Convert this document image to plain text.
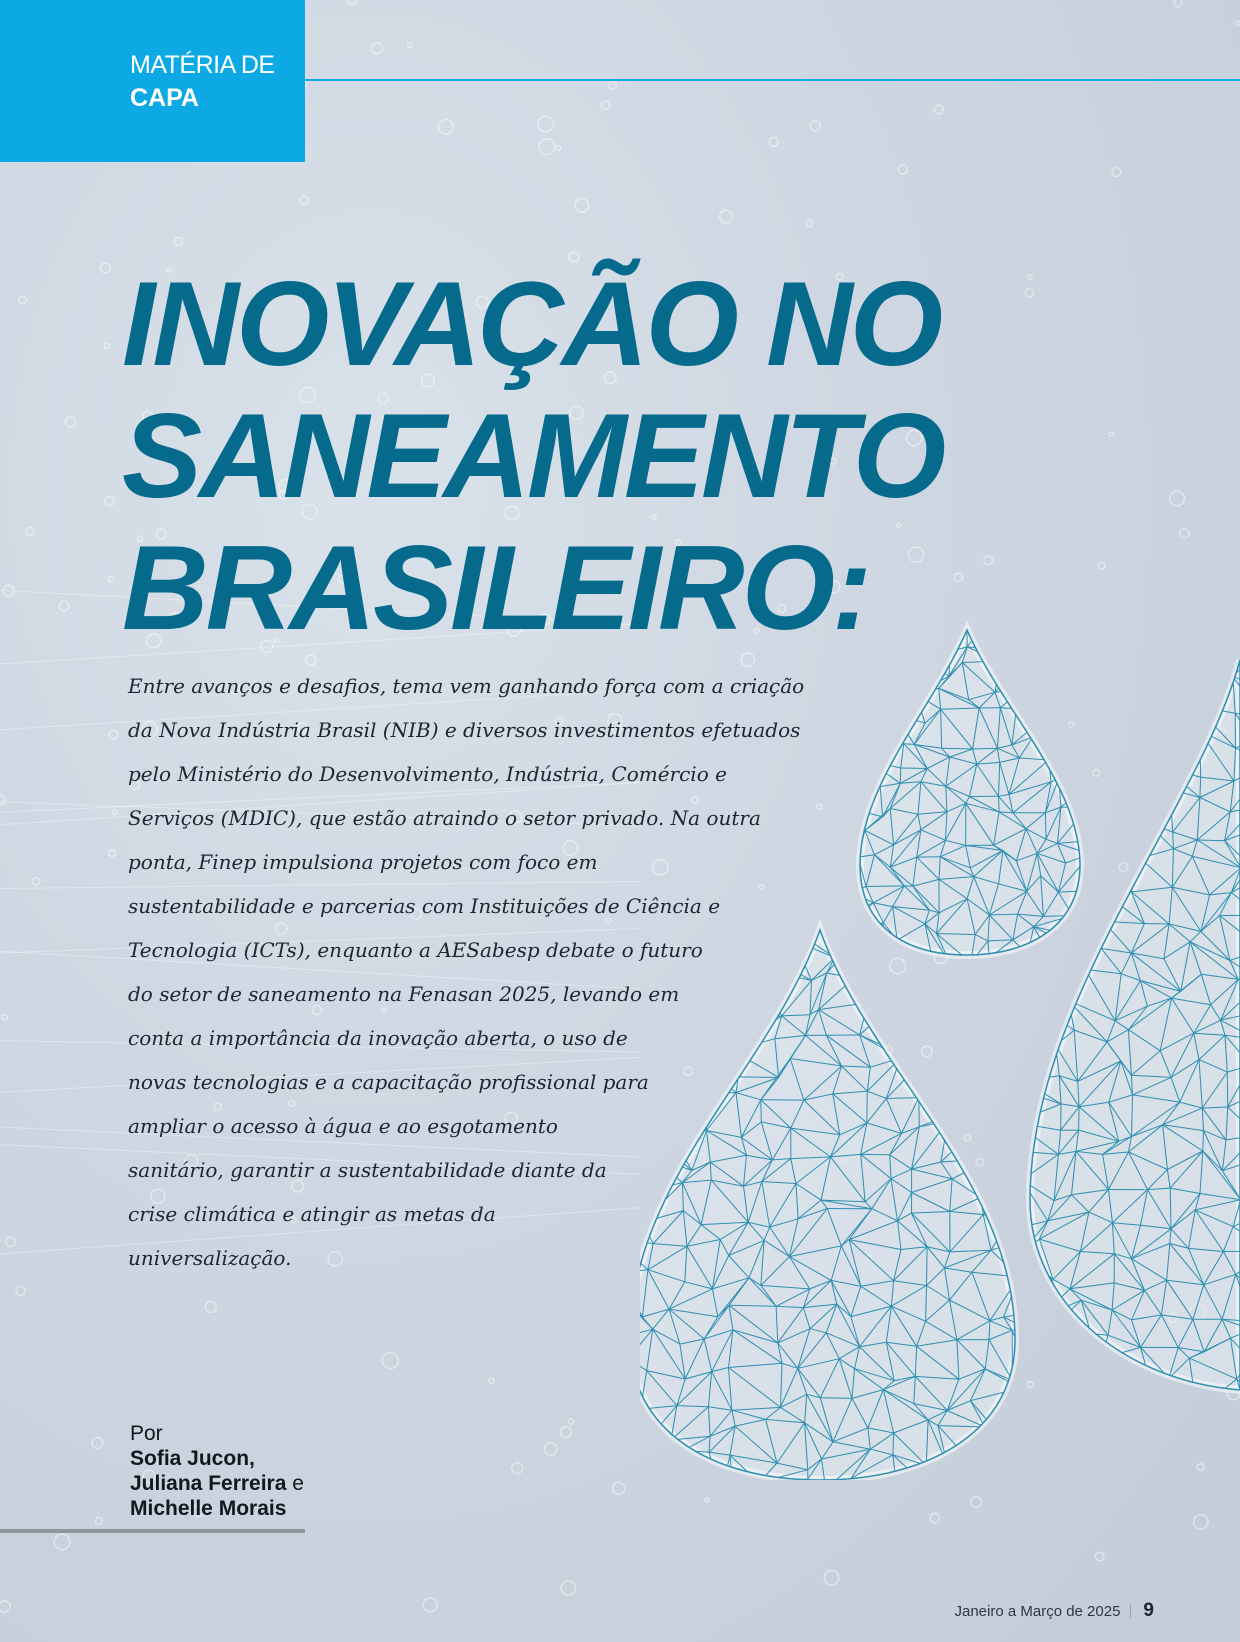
MATÉRIA DE
CAPA
INOVAÇÃO NO
SANEAMENTO
BRASILEIRO:

Entre avanços e desafios, tema vem ganhando força com a criação
da Nova Indústria Brasil (NIB) e diversos investimentos efetuados
pelo Ministério do Desenvolvimento, Indústria, Comércio e
Serviços (MDIC), que estão atraindo o setor privado. Na outra
ponta, Finep impulsiona projetos com foco em
sustentabilidade e parcerias com Instituições de Ciência e
Tecnologia (ICTs), enquanto a AESabesp debate o futuro
do setor de saneamento na Fenasan 2025, levando em
conta a importância da inovação aberta, o uso de
novas tecnologias e a capacitação profissional para
ampliar o acesso à água e ao esgotamento
sanitário, garantir a sustentabilidade diante da
crise climática e atingir as metas da
universalização.

Por
Sofia Jucon,
Juliana Ferreira e
Michelle Morais
Janeiro a Março de 2025 9
